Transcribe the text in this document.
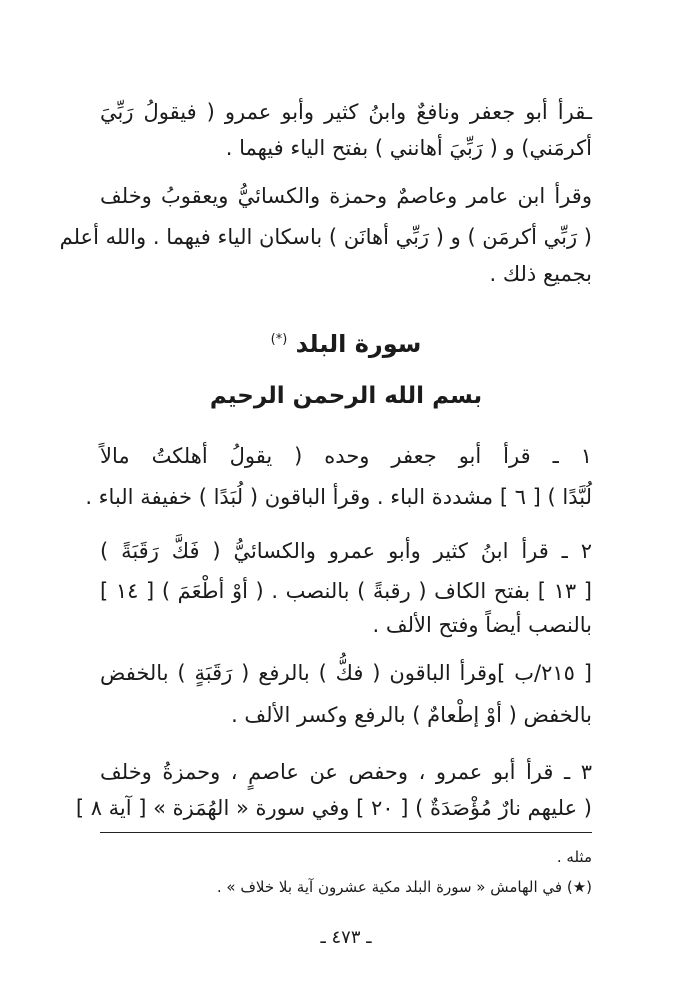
ـقرأ أبو جعفر ونافعٌ وابنُ كثير وأبو عمرو ( فيقولُ رَبِّيَ
أكرمَني) و ( رَبِّيَ أهانني ) بفتح الياء فيهما .
وقرأ ابن عامر وعاصمٌ وحمزة والكسائيُّ ويعقوبُ وخلف
( رَبِّي أكرمَن ) و ( رَبِّي أهانَن ) باسكان الياء فيهما . والله أعلم
بجميع ذلك .
سورة البلد (*)
بسم الله الرحمن الرحيم
١ ـ قرأ أبو جعفر وحده ( يقولُ أهلكتُ مالاً
لُبَّدًا ) [ ٦ ] مشددة الباء . وقرأ الباقون ( لُبَدًا ) خفيفة الباء .
٢ ـ قرأ ابنُ كثير وأبو عمرو والكسائيُّ ( فَكَّ رَقَبَةً )
[ ١٣ ] بفتح الكاف ( رقبةً ) بالنصب . ( أوْ أطْعَمَ ) [ ١٤ ]
بالنصب أيضاً وفتح الألف .
[ ٢١٥/ب ]وقرأ الباقون ( فكُّ ) بالرفع ( رَقَبَةٍ ) بالخفض
بالخفض ( أوْ إطْعامٌ ) بالرفع وكسر الألف .
٣ ـ قرأ أبو عمرو ، وحفص عن عاصمٍ ، وحمزةُ وخلف
( عليهم نارٌ مُؤْصَدَةٌ ) [ ٢٠ ] وفي سورة « الهُمَزة » [ آية ٨ ]
مثله .
(★) في الهامش « سورة البلد مكية عشرون آية بلا خلاف » .
ـ ٤٧٣ ـ
